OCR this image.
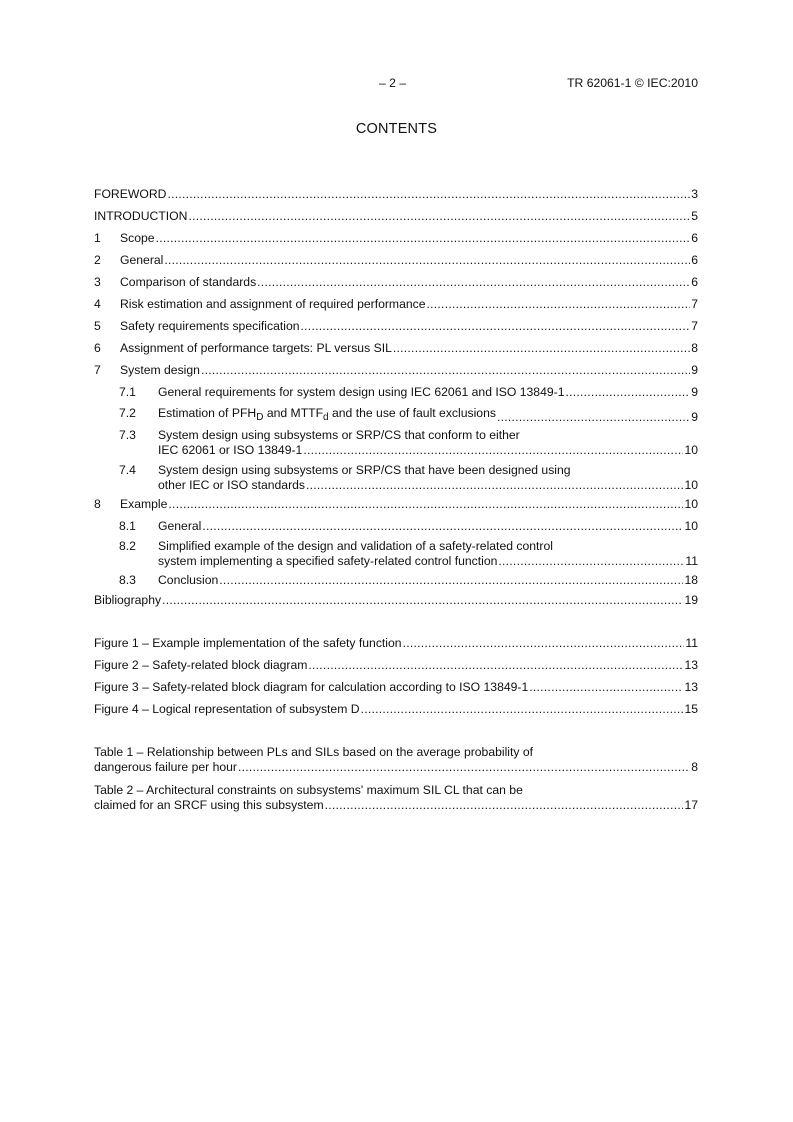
– 2 –	TR 62061-1 © IEC:2010
CONTENTS
FOREWORD .....	3
INTRODUCTION .....	5
1 Scope .....	6
2 General .....	6
3 Comparison of standards .....	6
4 Risk estimation and assignment of required performance .....	7
5 Safety requirements specification .....	7
6 Assignment of performance targets: PL versus SIL .....	8
7 System design .....	9
7.1 General requirements for system design using IEC 62061 and ISO 13849-1 .....	9
7.2 Estimation of $PFH_D$ and $MTTF_d$ and the use of fault exclusions .....	9
7.3 System design using subsystems or SRP/CS that conform to either
IEC 62061 or ISO 13849-1 .....	10
7.4 System design using subsystems or SRP/CS that have been designed using
other IEC or ISO standards .....	10
8 Example .....	10
8.1 General .....	10
8.2 Simplified example of the design and validation of a safety-related control
system implementing a specified safety-related control function .....	11
8.3 Conclusion .....	18
Bibliography .....	19
Figure 1 – Example implementation of the safety function .....	11
Figure 2 – Safety-related block diagram .....	13
Figure 3 – Safety-related block diagram for calculation according to ISO 13849-1 .....	13
Figure 4 – Logical representation of subsystem D .....	15
Table 1 – Relationship between PLs and SILs based on the average probability of
dangerous failure per hour .....	8
Table 2 – Architectural constraints on subsystems' maximum SIL CL that can be
claimed for an SRCF using this subsystem .....	17
